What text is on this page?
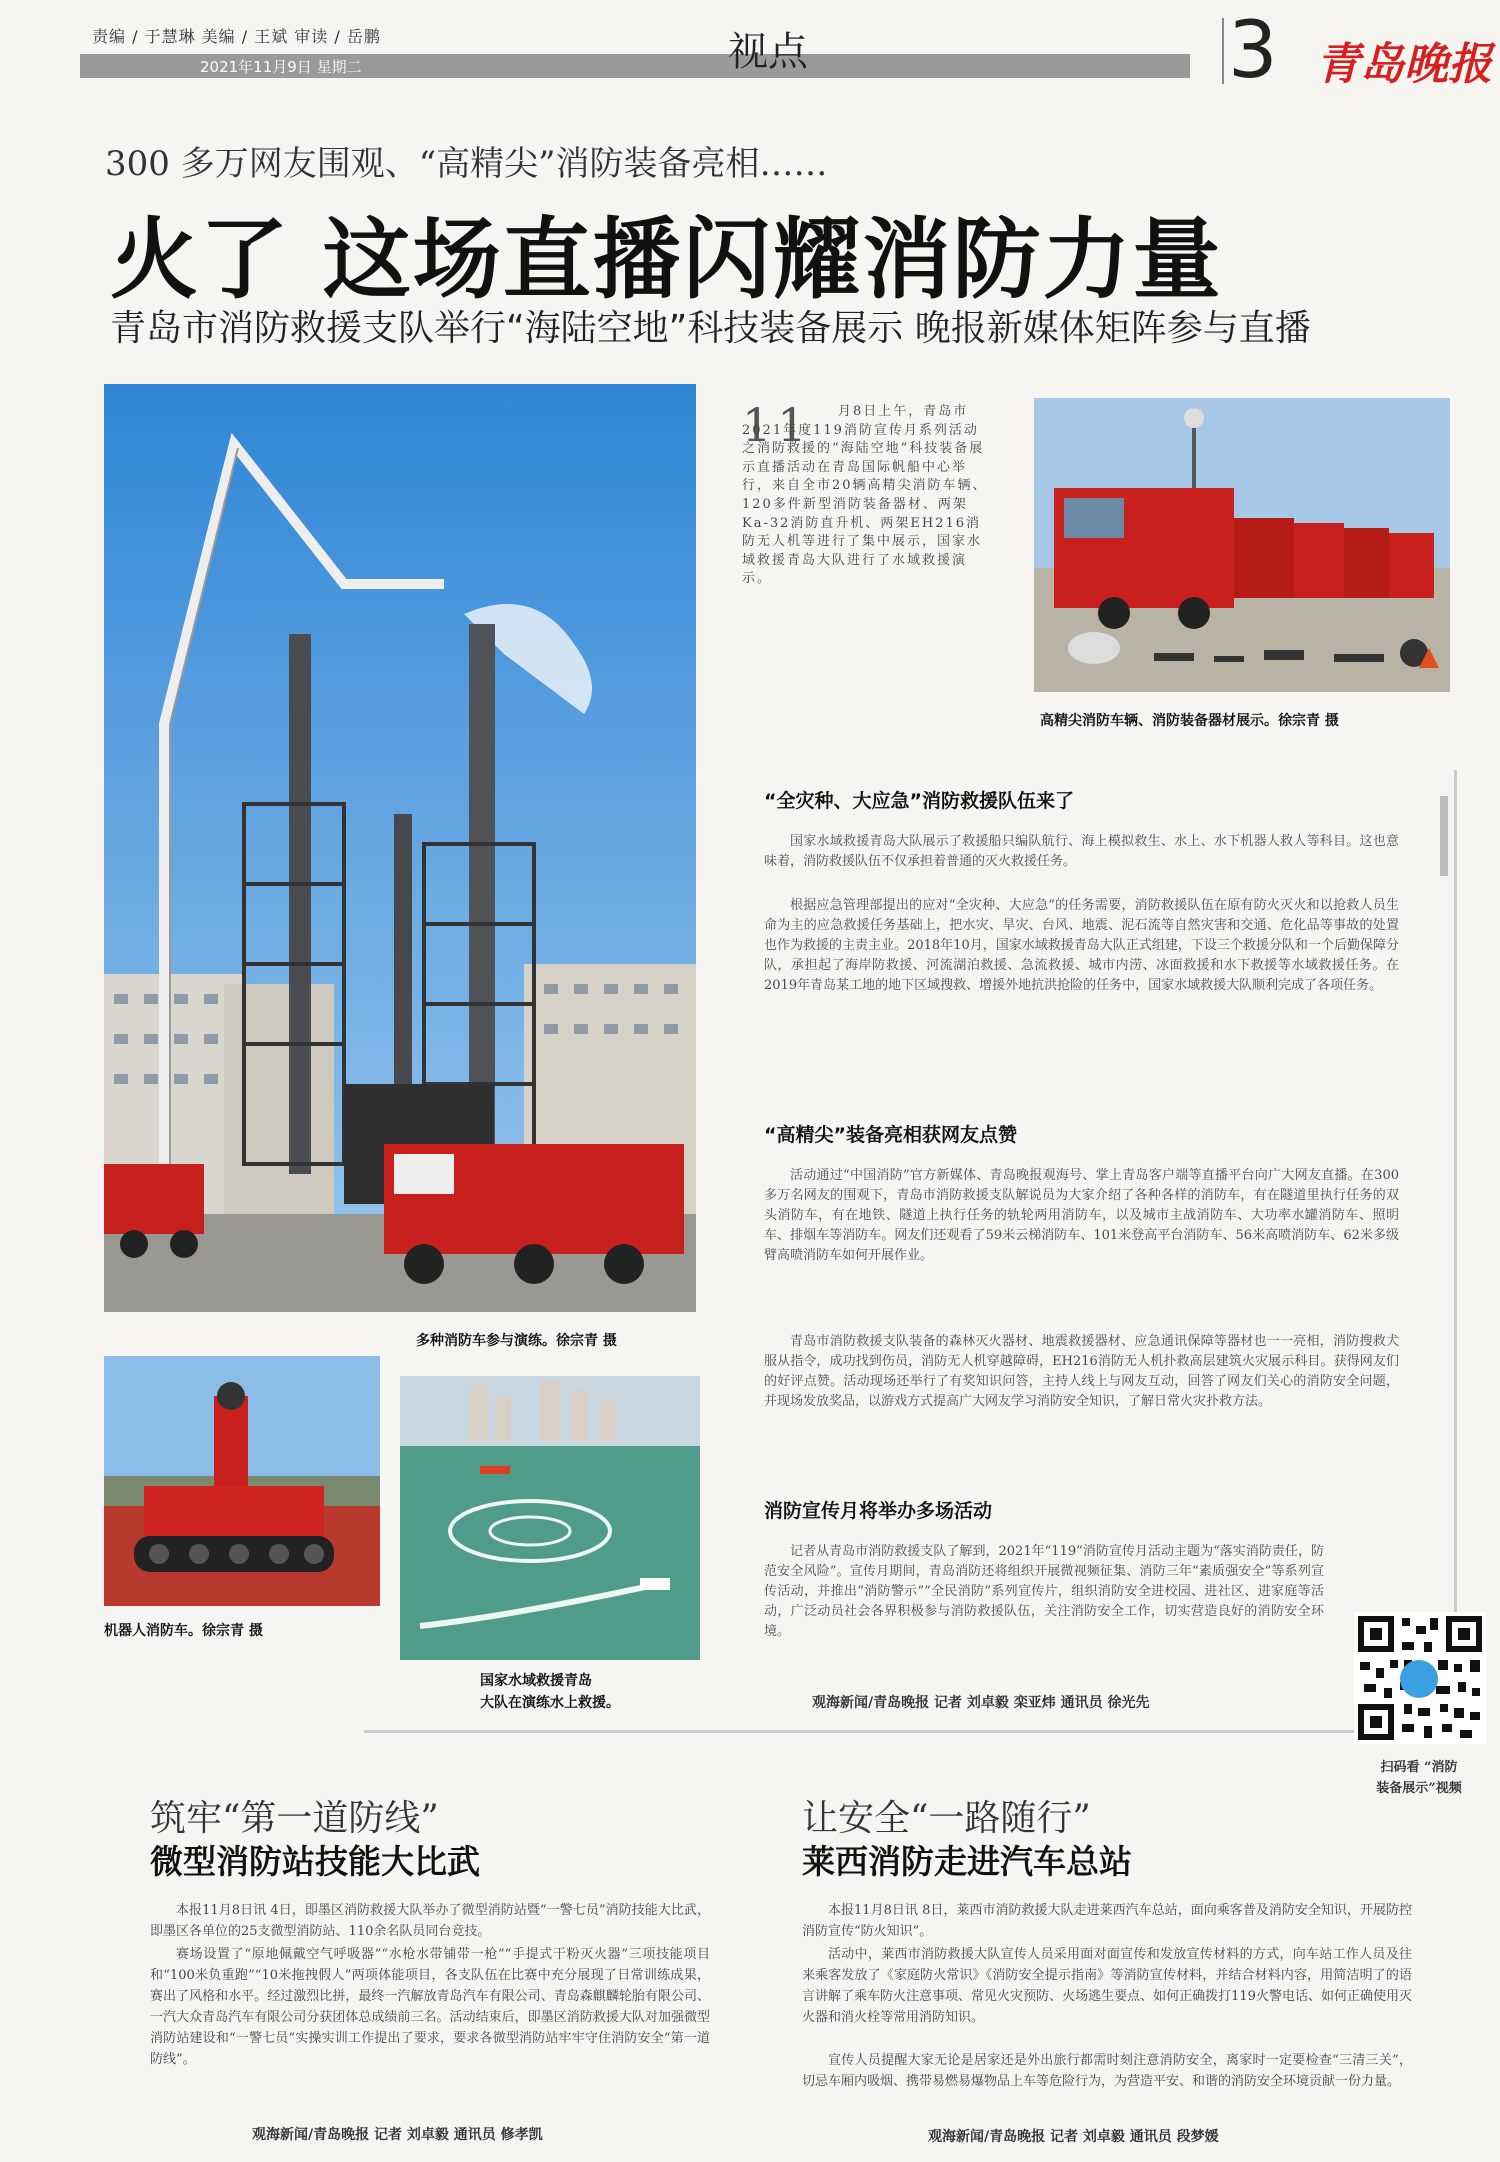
责编 / 于慧琳 美编 / 王斌 审读 / 岳鹏
2021年11月9日 星期二	视点	3 青岛晚报
300 多万网友围观、“高精尖”消防装备亮相……
火了 这场直播闪耀消防力量
青岛市消防救援支队举行“海陆空地”科技装备展示 晚报新媒体矩阵参与直播
多种消防车参与演练。徐宗青 摄
11	月8日上午，青岛市2021年度119消防宣传月系列活动之消防救援的“海陆空地”科技装备展示直播活动在青岛国际帆船中心举行，来自全市20辆高精尖消防车辆、120多件新型消防装备器材、两架Ka-32消防直升机、两架EH216消防无人机等进行了集中展示，国家水域救援青岛大队进行了水域救援演示。
高精尖消防车辆、消防装备器材展示。徐宗青 摄
“全灾种、大应急”消防救援队伍来了
国家水域救援青岛大队展示了救援船只编队航行、海上模拟救生、水上、水下机器人救人等科目。这也意味着，消防救援队伍不仅承担着普通的灭火救援任务。
根据应急管理部提出的应对“全灾种、大应急”的任务需要，消防救援队伍在原有防火灭火和以抢救人员生命为主的应急救援任务基础上，把水灾、旱灾、台风、地震、泥石流等自然灾害和交通、危化品等事故的处置也作为救援的主责主业。2018年10月，国家水域救援青岛大队正式组建，下设三个救援分队和一个后勤保障分队，承担起了海岸防救援、河流湖泊救援、急流救援、城市内涝、冰面救援和水下救援等水域救援任务。在2019年青岛某工地的地下区域搜救、增援外地抗洪抢险的任务中，国家水域救援大队顺利完成了各项任务。
“高精尖”装备亮相获网友点赞
活动通过“中国消防”官方新媒体、青岛晚报观海号、掌上青岛客户端等直播平台向广大网友直播。在300多万名网友的围观下，青岛市消防救援支队解说员为大家介绍了各种各样的消防车，有在隧道里执行任务的双头消防车，有在地铁、隧道上执行任务的轨轮两用消防车，以及城市主战消防车、大功率水罐消防车、照明车、排烟车等消防车。网友们还观看了59米云梯消防车、101米登高平台消防车、56米高喷消防车、62米多级臂高喷消防车如何开展作业。
青岛市消防救援支队装备的森林灭火器材、地震救援器材、应急通讯保障等器材也一一亮相，消防搜救犬服从指令，成功找到伤员，消防无人机穿越障碍，EH216消防无人机扑救高层建筑火灾展示科目。获得网友们的好评点赞。活动现场还举行了有奖知识问答，主持人线上与网友互动，回答了网友们关心的消防安全问题，并现场发放奖品，以游戏方式提高广大网友学习消防安全知识，了解日常火灾扑救方法。
消防宣传月将举办多场活动
记者从青岛市消防救援支队了解到，2021年“119”消防宣传月活动主题为“落实消防责任，防范安全风险”。宣传月期间，青岛消防还将组织开展微视频征集、消防三年“素质强安全”等系列宣传活动，并推出“消防警示”“全民消防”系列宣传片，组织消防安全进校园、进社区、进家庭等活动，广泛动员社会各界积极参与消防救援队伍，关注消防安全工作，切实营造良好的消防安全环境。
观海新闻/青岛晚报 记者 刘卓毅 栾亚炜 通讯员 徐光先
机器人消防车。徐宗青 摄
国家水域救援青岛
大队在演练水上救援。
扫码看 “消防
装备展示”视频
筑牢“第一道防线”
微型消防站技能大比武
本报11月8日讯 4日，即墨区消防救援大队举办了微型消防站暨“一警七员”消防技能大比武，即墨区各单位的25支微型消防站、110余名队员同台竞技。
赛场设置了“原地佩戴空气呼吸器”“水枪水带铺带一枪”“手提式干粉灭火器”三项技能项目和“100米负重跑”“10米拖拽假人”两项体能项目，各支队伍在比赛中充分展现了日常训练成果，赛出了风格和水平。经过激烈比拼，最终一汽解放青岛汽车有限公司、青岛森麒麟轮胎有限公司、一汽大众青岛汽车有限公司分获团体总成绩前三名。活动结束后，即墨区消防救援大队对加强微型消防站建设和“一警七员”实操实训工作提出了要求，要求各微型消防站牢牢守住消防安全“第一道防线”。
观海新闻/青岛晚报 记者 刘卓毅 通讯员 修孝凯
让安全“一路随行”
莱西消防走进汽车总站
本报11月8日讯 8日，莱西市消防救援大队走进莱西汽车总站，面向乘客普及消防安全知识，开展防控消防宣传“防火知识”。
活动中，莱西市消防救援大队宣传人员采用面对面宣传和发放宣传材料的方式，向车站工作人员及往来乘客发放了《家庭防火常识》《消防安全提示指南》等消防宣传材料，并结合材料内容，用简洁明了的语言讲解了乘车防火注意事项、常见火灾预防、火场逃生要点、如何正确拨打119火警电话、如何正确使用灭火器和消火栓等常用消防知识。
宣传人员提醒大家无论是居家还是外出旅行都需时刻注意消防安全，离家时一定要检查“三清三关”，切忌车厢内吸烟、携带易燃易爆物品上车等危险行为，为营造平安、和谐的消防安全环境贡献一份力量。
观海新闻/青岛晚报 记者 刘卓毅 通讯员 段梦媛
